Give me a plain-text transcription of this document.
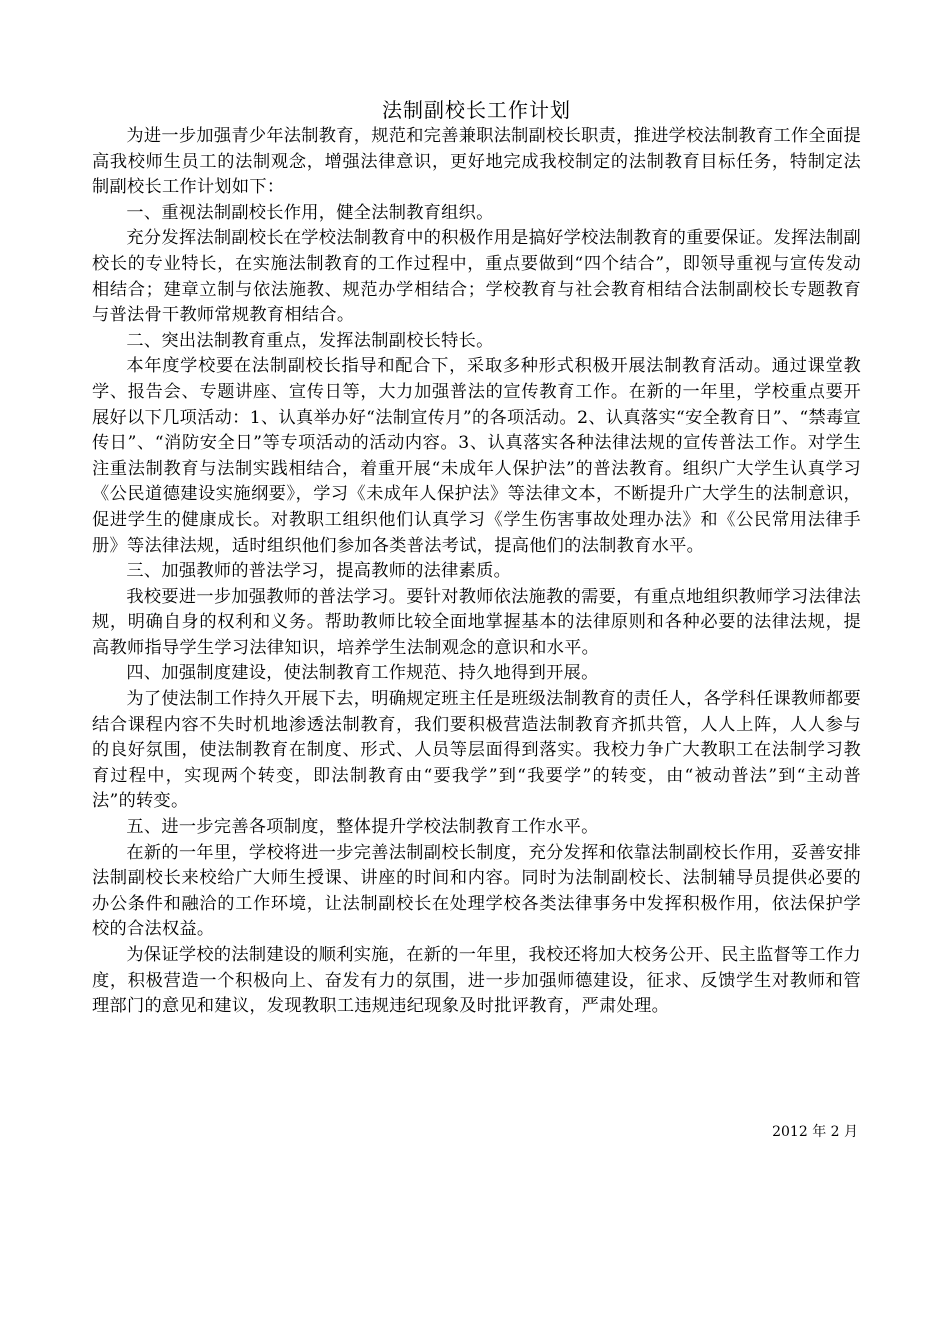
法制副校长工作计划

为进一步加强青少年法制教育，规范和完善兼职法制副校长职责，推进学校法制教育工作全面提高我校师生员工的法制观念，增强法律意识，更好地完成我校制定的法制教育目标任务，特制定法制副校长工作计划如下：

一、重视法制副校长作用，健全法制教育组织。

充分发挥法制副校长在学校法制教育中的积极作用是搞好学校法制教育的重要保证。发挥法制副校长的专业特长，在实施法制教育的工作过程中，重点要做到“四个结合”，即领导重视与宣传发动相结合；建章立制与依法施教、规范办学相结合；学校教育与社会教育相结合法制副校长专题教育与普法骨干教师常规教育相结合。

二、突出法制教育重点，发挥法制副校长特长。

本年度学校要在法制副校长指导和配合下，采取多种形式积极开展法制教育活动。通过课堂教学、报告会、专题讲座、宣传日等，大力加强普法的宣传教育工作。在新的一年里，学校重点要开展好以下几项活动：1、认真举办好“法制宣传月”的各项活动。2、认真落实“安全教育日”、“禁毒宣传日”、“消防安全日”等专项活动的活动内容。3、认真落实各种法律法规的宣传普法工作。对学生注重法制教育与法制实践相结合，着重开展“未成年人保护法”的普法教育。组织广大学生认真学习《公民道德建设实施纲要》，学习《未成年人保护法》等法律文本，不断提升广大学生的法制意识，促进学生的健康成长。对教职工组织他们认真学习《学生伤害事故处理办法》和《公民常用法律手册》等法律法规，适时组织他们参加各类普法考试，提高他们的法制教育水平。

三、加强教师的普法学习，提高教师的法律素质。

我校要进一步加强教师的普法学习。要针对教师依法施教的需要，有重点地组织教师学习法律法规，明确自身的权利和义务。帮助教师比较全面地掌握基本的法律原则和各种必要的法律法规，提高教师指导学生学习法律知识，培养学生法制观念的意识和水平。

四、加强制度建设，使法制教育工作规范、持久地得到开展。

为了使法制工作持久开展下去，明确规定班主任是班级法制教育的责任人，各学科任课教师都要结合课程内容不失时机地渗透法制教育，我们要积极营造法制教育齐抓共管，人人上阵，人人参与的良好氛围，使法制教育在制度、形式、人员等层面得到落实。我校力争广大教职工在法制学习教育过程中，实现两个转变，即法制教育由“要我学”到“我要学”的转变，由“被动普法”到“主动普法”的转变。

五、进一步完善各项制度，整体提升学校法制教育工作水平。

在新的一年里，学校将进一步完善法制副校长制度，充分发挥和依靠法制副校长作用，妥善安排法制副校长来校给广大师生授课、讲座的时间和内容。同时为法制副校长、法制辅导员提供必要的办公条件和融洽的工作环境，让法制副校长在处理学校各类法律事务中发挥积极作用，依法保护学校的合法权益。

为保证学校的法制建设的顺利实施，在新的一年里，我校还将加大校务公开、民主监督等工作力度，积极营造一个积极向上、奋发有力的氛围，进一步加强师德建设，征求、反馈学生对教师和管理部门的意见和建议，发现教职工违规违纪现象及时批评教育，严肃处理。

2012 年 2 月
